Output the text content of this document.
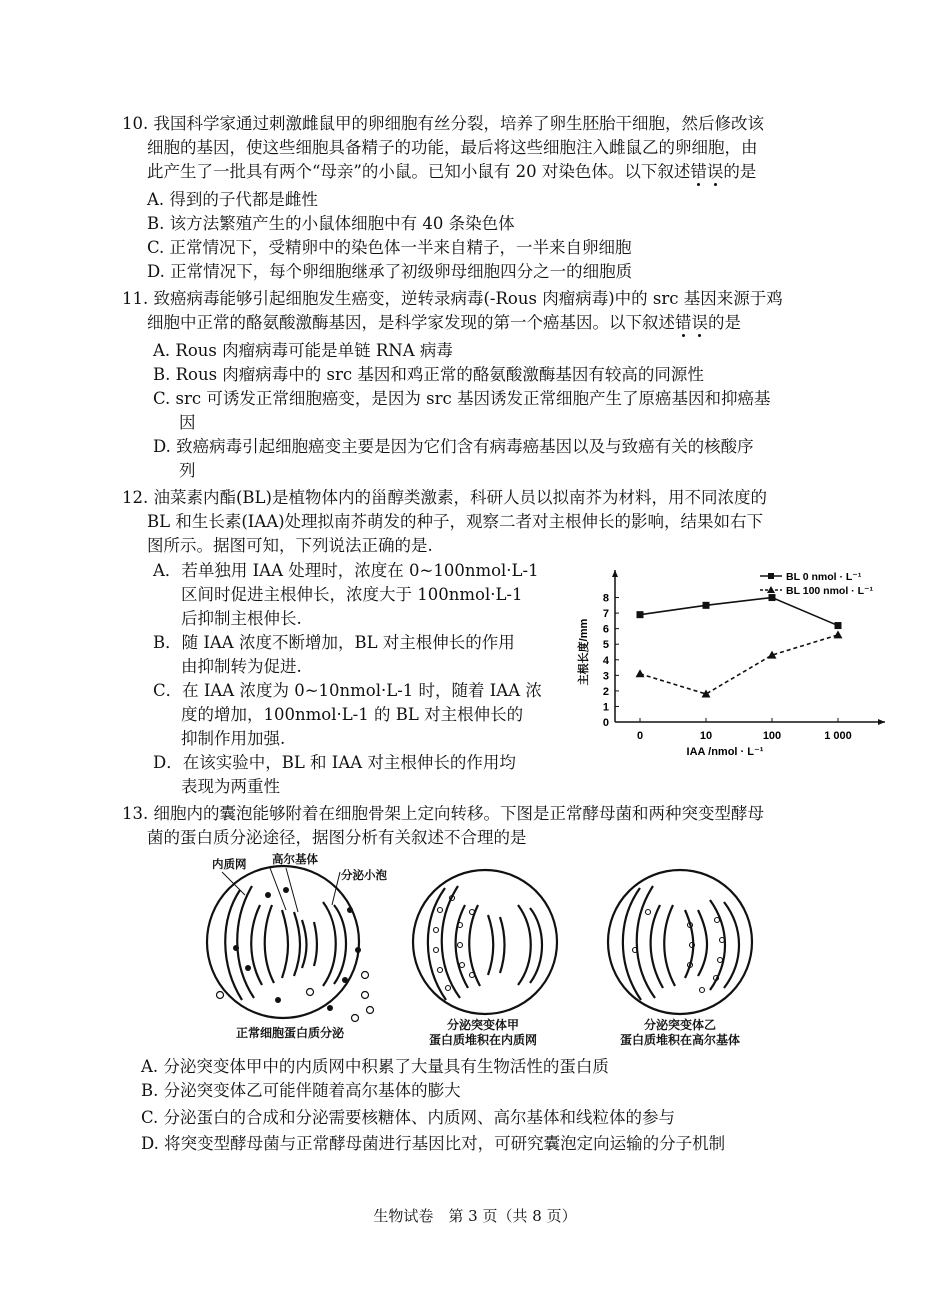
10. 我国科学家通过刺激雌鼠甲的卵细胞有丝分裂，培养了卵生胚胎干细胞，然后修改该
细胞的基因，使这些细胞具备精子的功能，最后将这些细胞注入雌鼠乙的卵细胞，由
此产生了一批具有两个“母亲”的小鼠。已知小鼠有 20 对染色体。以下叙述错误的是
A. 得到的子代都是雌性
B. 该方法繁殖产生的小鼠体细胞中有 40 条染色体
C. 正常情况下，受精卵中的染色体一半来自精子，一半来自卵细胞
D. 正常情况下，每个卵细胞继承了初级卵母细胞四分之一的细胞质
11. 致癌病毒能够引起细胞发生癌变，逆转录病毒(-Rous 肉瘤病毒)中的 src 基因来源于鸡
细胞中正常的酪氨酸激酶基因，是科学家发现的第一个癌基因。以下叙述错误的是
A. Rous 肉瘤病毒可能是单链 RNA 病毒
B. Rous 肉瘤病毒中的 src 基因和鸡正常的酪氨酸激酶基因有较高的同源性
C. src 可诱发正常细胞癌变，是因为 src 基因诱发正常细胞产生了原癌基因和抑癌基
因
D. 致癌病毒引起细胞癌变主要是因为它们含有病毒癌基因以及与致癌有关的核酸序
列
12. 油菜素内酯(BL)是植物体内的甾醇类激素，科研人员以拟南芥为材料，用不同浓度的
BL 和生长素(IAA)处理拟南芥萌发的种子，观察二者对主根伸长的影响，结果如右下
图所示。据图可知，下列说法正确的是.
A．若单独用 IAA 处理时，浓度在 0~100nmol·L-1
区间时促进主根伸长，浓度大于 100nmol·L-1
后抑制主根伸长.
B．随 IAA 浓度不断增加，BL 对主根伸长的作用
由抑制转为促进.
C．在 IAA 浓度为 0~10nmol·L-1 时，随着 IAA 浓
度的增加，100nmol·L-1 的 BL 对主根伸长的
抑制作用加强.
D．在该实验中，BL 和 IAA 对主根伸长的作用均
表现为两重性
0
1
2
3
4
5
6
7
8
0	10	100	1 000
IAA /nmol · L⁻¹
主根长度/mm
BL 0 nmol · L⁻¹
BL 100 nmol · L⁻¹
13. 细胞内的囊泡能够附着在细胞骨架上定向转移。下图是正常酵母菌和两种突变型酵母
菌的蛋白质分泌途径，据图分析有关叙述不合理的是
内质网 高尔基体
分泌小泡
正常细胞蛋白质分泌
分泌突变体甲
蛋白质堆积在内质网
分泌突变体乙
蛋白质堆积在高尔基体
A. 分泌突变体甲中的内质网中积累了大量具有生物活性的蛋白质
B. 分泌突变体乙可能伴随着高尔基体的膨大
C. 分泌蛋白的合成和分泌需要核糖体、内质网、高尔基体和线粒体的参与
D. 将突变型酵母菌与正常酵母菌进行基因比对，可研究囊泡定向运输的分子机制
生物试卷　第 3 页（共 8 页）
